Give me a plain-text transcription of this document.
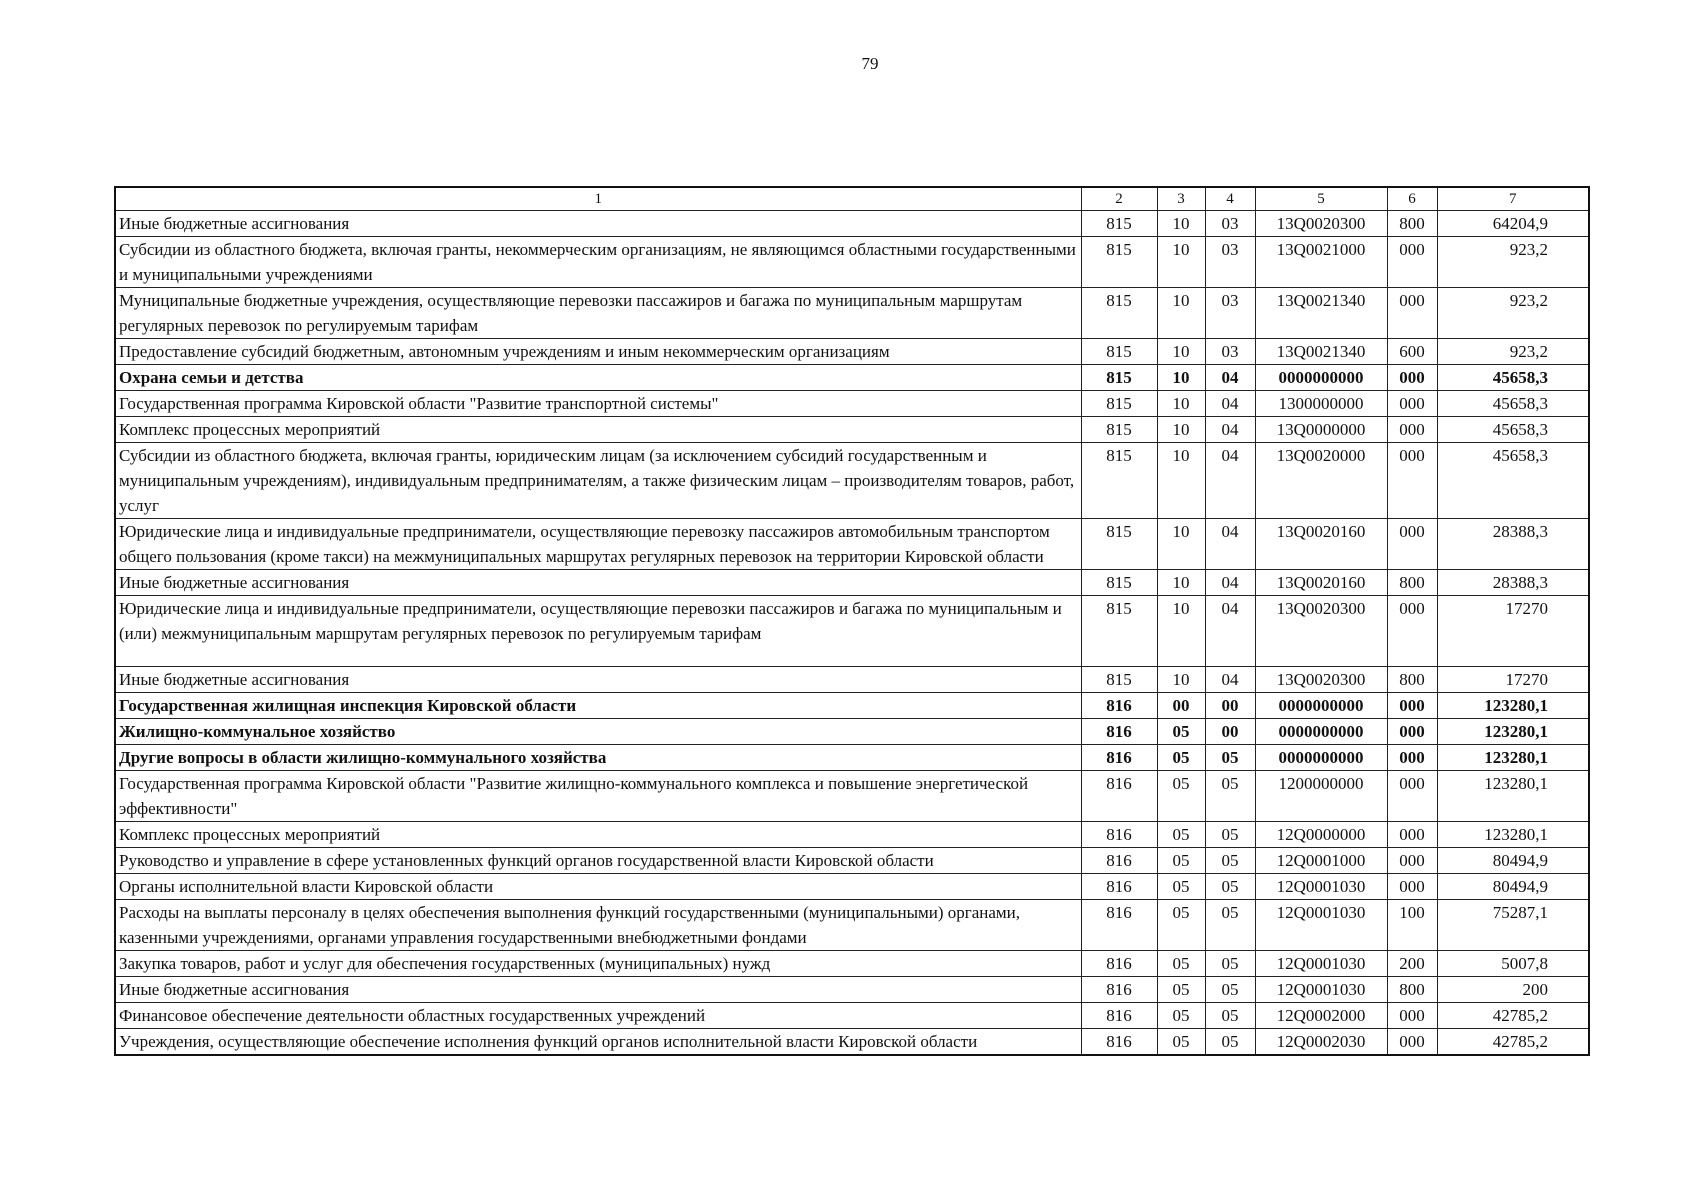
79
1	2	3	4	5	6	7
Иные бюджетные ассигнования	815	10	03	13Q0020300	800	64204,9
Субсидии из областного бюджета, включая гранты, некоммерческим организациям, не являющимся областными государственными и муниципальными учреждениями	815	10	03	13Q0021000	000	923,2
Муниципальные бюджетные учреждения, осуществляющие перевозки пассажиров и багажа по муниципальным маршрутам регулярных перевозок по регулируемым тарифам	815	10	03	13Q0021340	000	923,2
Предоставление субсидий бюджетным, автономным учреждениям и иным некоммерческим организациям	815	10	03	13Q0021340	600	923,2
Охрана семьи и детства	815	10	04	0000000000	000	45658,3
Государственная программа Кировской области "Развитие транспортной системы"	815	10	04	1300000000	000	45658,3
Комплекс процессных мероприятий	815	10	04	13Q0000000	000	45658,3
Субсидии из областного бюджета, включая гранты, юридическим лицам (за исключением субсидий государственным и муниципальным учреждениям), индивидуальным предпринимателям, а также физическим лицам – производителям товаров, работ, услуг	815	10	04	13Q0020000	000	45658,3
Юридические лица и индивидуальные предприниматели, осуществляющие перевозку пассажиров автомобильным транспортом общего пользования (кроме такси) на межмуниципальных маршрутах регулярных перевозок на территории Кировской области	815	10	04	13Q0020160	000	28388,3
Иные бюджетные ассигнования	815	10	04	13Q0020160	800	28388,3
Юридические лица и индивидуальные предприниматели, осуществляющие перевозки пассажиров и багажа по муниципальным и (или) межмуниципальным маршрутам регулярных перевозок по регулируемым тарифам	815	10	04	13Q0020300	000	17270
Иные бюджетные ассигнования	815	10	04	13Q0020300	800	17270
Государственная жилищная инспекция Кировской области	816	00	00	0000000000	000	123280,1
Жилищно-коммунальное хозяйство	816	05	00	0000000000	000	123280,1
Другие вопросы в области жилищно-коммунального хозяйства	816	05	05	0000000000	000	123280,1
Государственная программа Кировской области "Развитие жилищно-коммунального комплекса и повышение энергетической эффективности"	816	05	05	1200000000	000	123280,1
Комплекс процессных мероприятий	816	05	05	12Q0000000	000	123280,1
Руководство и управление в сфере установленных функций органов государственной власти Кировской области	816	05	05	12Q0001000	000	80494,9
Органы исполнительной власти Кировской области	816	05	05	12Q0001030	000	80494,9
Расходы на выплаты персоналу в целях обеспечения выполнения функций государственными (муниципальными) органами, казенными учреждениями, органами управления государственными внебюджетными фондами	816	05	05	12Q0001030	100	75287,1
Закупка товаров, работ и услуг для обеспечения государственных (муниципальных) нужд	816	05	05	12Q0001030	200	5007,8
Иные бюджетные ассигнования	816	05	05	12Q0001030	800	200
Финансовое обеспечение деятельности областных государственных учреждений	816	05	05	12Q0002000	000	42785,2
Учреждения, осуществляющие обеспечение исполнения функций органов исполнительной власти Кировской области	816	05	05	12Q0002030	000	42785,2
